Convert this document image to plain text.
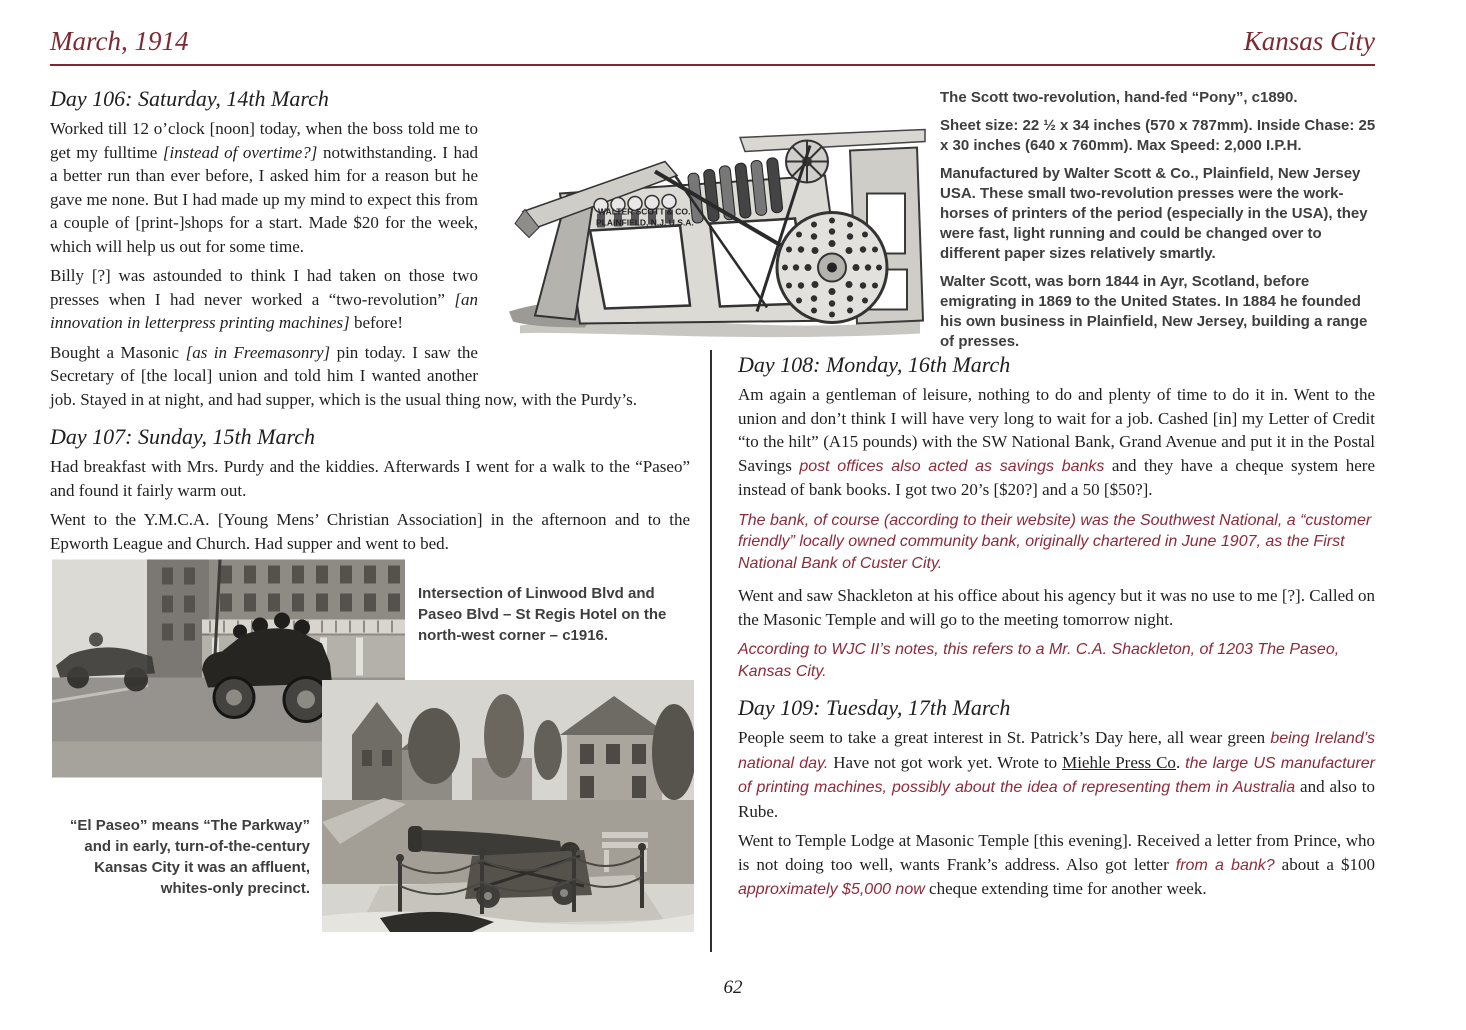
March, 1914	Kansas City
WALTER SCOTT & CO.
PLAINFIELD, N.J. U.S.A.

The Scott two-revolution, hand-fed “Pony”, c1890.

Sheet size: 22 ½ x 34 inches (570 x 787mm). Inside Chase: 25 x 30 inches (640 x 760mm). Max Speed: 2,000 I.P.H.

Manufactured by Walter Scott & Co., Plainfield, New Jersey USA. These small two-revolution presses were the work-horses of printers of the period (especially in the USA), they were fast, light running and could be changed over to different paper sizes relatively smartly.

Walter Scott, was born 1844 in Ayr, Scotland, before emigrating in 1869 to the United States. In 1884 he founded his own business in Plainfield, New Jersey, building a range of presses.

Day 106: Saturday, 14th March

Worked till 12 o’clock [noon] today, when the boss told me to get my fulltime [instead of overtime?] notwithstanding. I had a better run than ever before, I asked him for a reason but he gave me none. But I had made up my mind to expect this from a couple of [print-]shops for a start. Made $20 for the week, which will help us out for some time.

Billy [?] was astounded to think I had taken on those two presses when I had never worked a “two-revolution” [an innovation in letterpress printing machines] before!

Bought a Masonic [as in Freemasonry] pin today. I saw the Secretary of [the local] union and told him I wanted another job. Stayed in at night, and had supper, which is the usual thing now, with the Purdy’s.

Day 107: Sunday, 15th March

Had breakfast with Mrs. Purdy and the kiddies. Afterwards I went for a walk to the “Paseo” and found it fairly warm out.

Went to the Y.M.C.A. [Young Mens’ Christian Association] in the afternoon and to the Epworth League and Church. Had supper and went to bed.

Day 108: Monday, 16th March

Am again a gentleman of leisure, nothing to do and plenty of time to do it in. Went to the union and don’t think I will have very long to wait for a job. Cashed [in] my Letter of Credit “to the hilt” (A15 pounds) with the SW National Bank, Grand Avenue and put it in the Postal Savings post offices also acted as savings banks and they have a cheque system here instead of bank books. I got two 20’s [$20?] and a 50 [$50?].

The bank, of course (according to their website) was the Southwest National, a “customer friendly” locally owned community bank, originally chartered in June 1907, as the First National Bank of Custer City.

Went and saw Shackleton at his office about his agency but it was no use to me [?]. Called on the Masonic Temple and will go to the meeting tomorrow night.

According to WJC II’s notes, this refers to a Mr. C.A. Shackleton, of 1203 The Paseo, Kansas City.

Day 109: Tuesday, 17th March

People seem to take a great interest in St. Patrick’s Day here, all wear green being Ireland’s national day. Have not got work yet. Wrote to Miehle Press Co. the large US manufacturer of printing machines, possibly about the idea of representing them in Australia and also to Rube.

Went to Temple Lodge at Masonic Temple [this evening]. Received a letter from Prince, who is not doing too well, wants Frank’s address. Also got letter from a bank? about a $100 approximately $5,000 now cheque extending time for another week.

Intersection of Linwood Blvd and Paseo Blvd – St Regis Hotel on the north-west corner – c1916.
“El Paseo” means “The Parkway” and in early, turn-of-the-century Kansas City it was an affluent, whites-only precinct.
62
